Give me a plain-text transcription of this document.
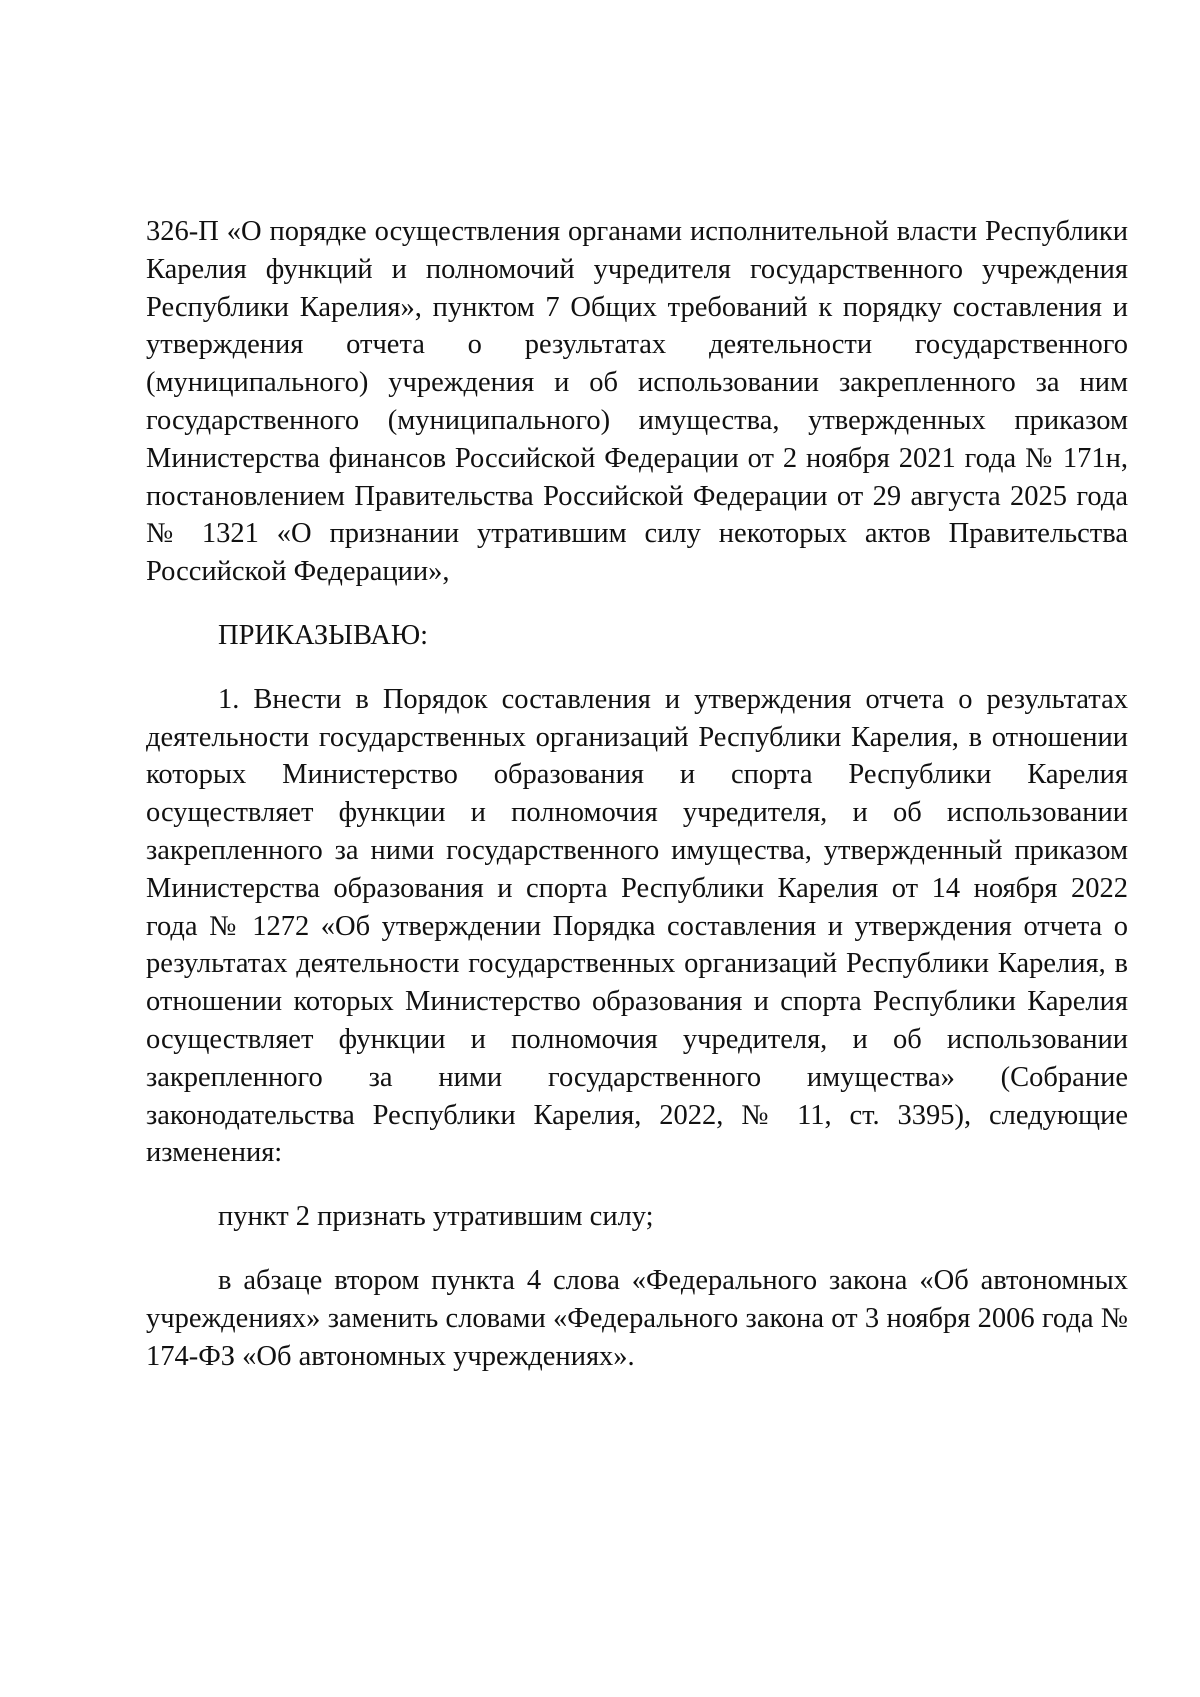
326-П «О порядке осуществления органами исполнительной власти Республики Карелия функций и полномочий учредителя государственного учреждения Республики Карелия», пунктом 7 Общих требований к порядку составления и утверждения отчета о результатах деятельности государственного (муниципального) учреждения и об использовании закрепленного за ним государственного (муниципального) имущества, утвержденных приказом Министерства финансов Российской Федерации от 2 ноября 2021 года № 171н, постановлением Правительства Российской Федерации от 29 августа 2025 года № 1321 «О признании утратившим силу некоторых актов Правительства Российской Федерации»,

ПРИКАЗЫВАЮ:

1. Внести в Порядок составления и утверждения отчета о результатах деятельности государственных организаций Республики Карелия, в отношении которых Министерство образования и спорта Республики Карелия осуществляет функции и полномочия учредителя, и об использовании закрепленного за ними государственного имущества, утвержденный приказом Министерства образования и спорта Республики Карелия от 14 ноября 2022 года № 1272 «Об утверждении Порядка составления и утверждения отчета о результатах деятельности государственных организаций Республики Карелия, в отношении которых Министерство образования и спорта Республики Карелия осуществляет функции и полномочия учредителя, и об использовании закрепленного за ними государственного имущества» (Собрание законодательства Республики Карелия, 2022, № 11, ст. 3395), следующие изменения:

пункт 2 признать утратившим силу;

в абзаце втором пункта 4 слова «Федерального закона «Об автономных учреждениях» заменить словами «Федерального закона от 3 ноября 2006 года № 174-ФЗ «Об автономных учреждениях».
